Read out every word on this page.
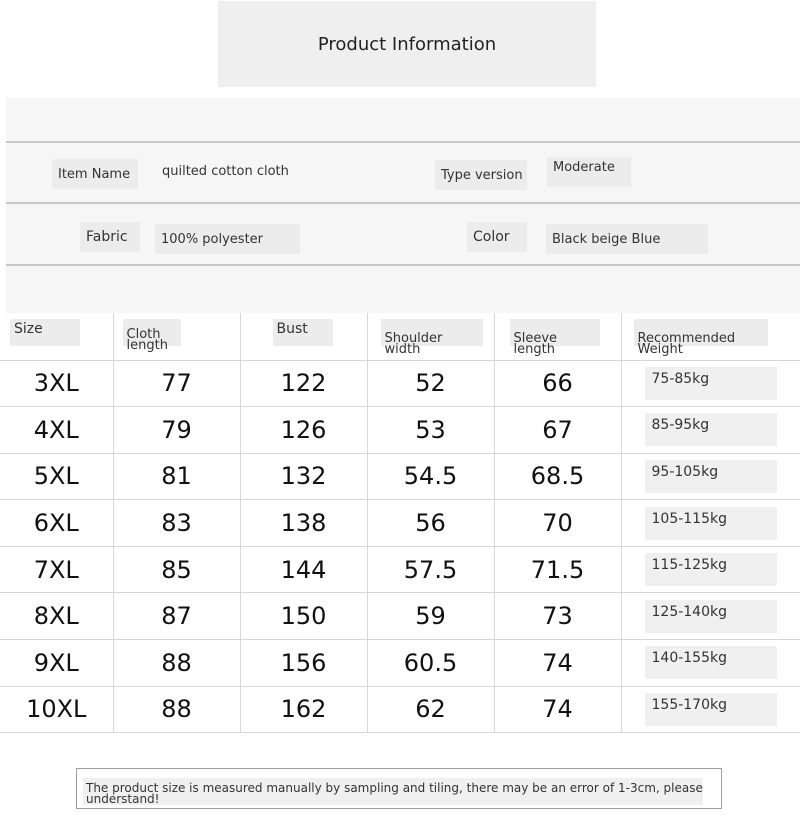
Product Information
Item Name	quilted cotton cloth	Type version	Moderate
Fabric	100% polyester	Color	Black beige Blue
Size	Cloth length	Bust	Shoulder width	Sleeve length	Recommended Weight

3XL	77	122	52	66	75-85kg

4XL	79	126	53	67	85-95kg

5XL	81	132	54.5	68.5	95-105kg

6XL	83	138	56	70	105-115kg

7XL	85	144	57.5	71.5	115-125kg

8XL	87	150	59	73	125-140kg

9XL	88	156	60.5	74	140-155kg

10XL	88	162	62	74	155-170kg
The product size is measured manually by sampling and tiling, there may be an error of 1-3cm, please understand!
